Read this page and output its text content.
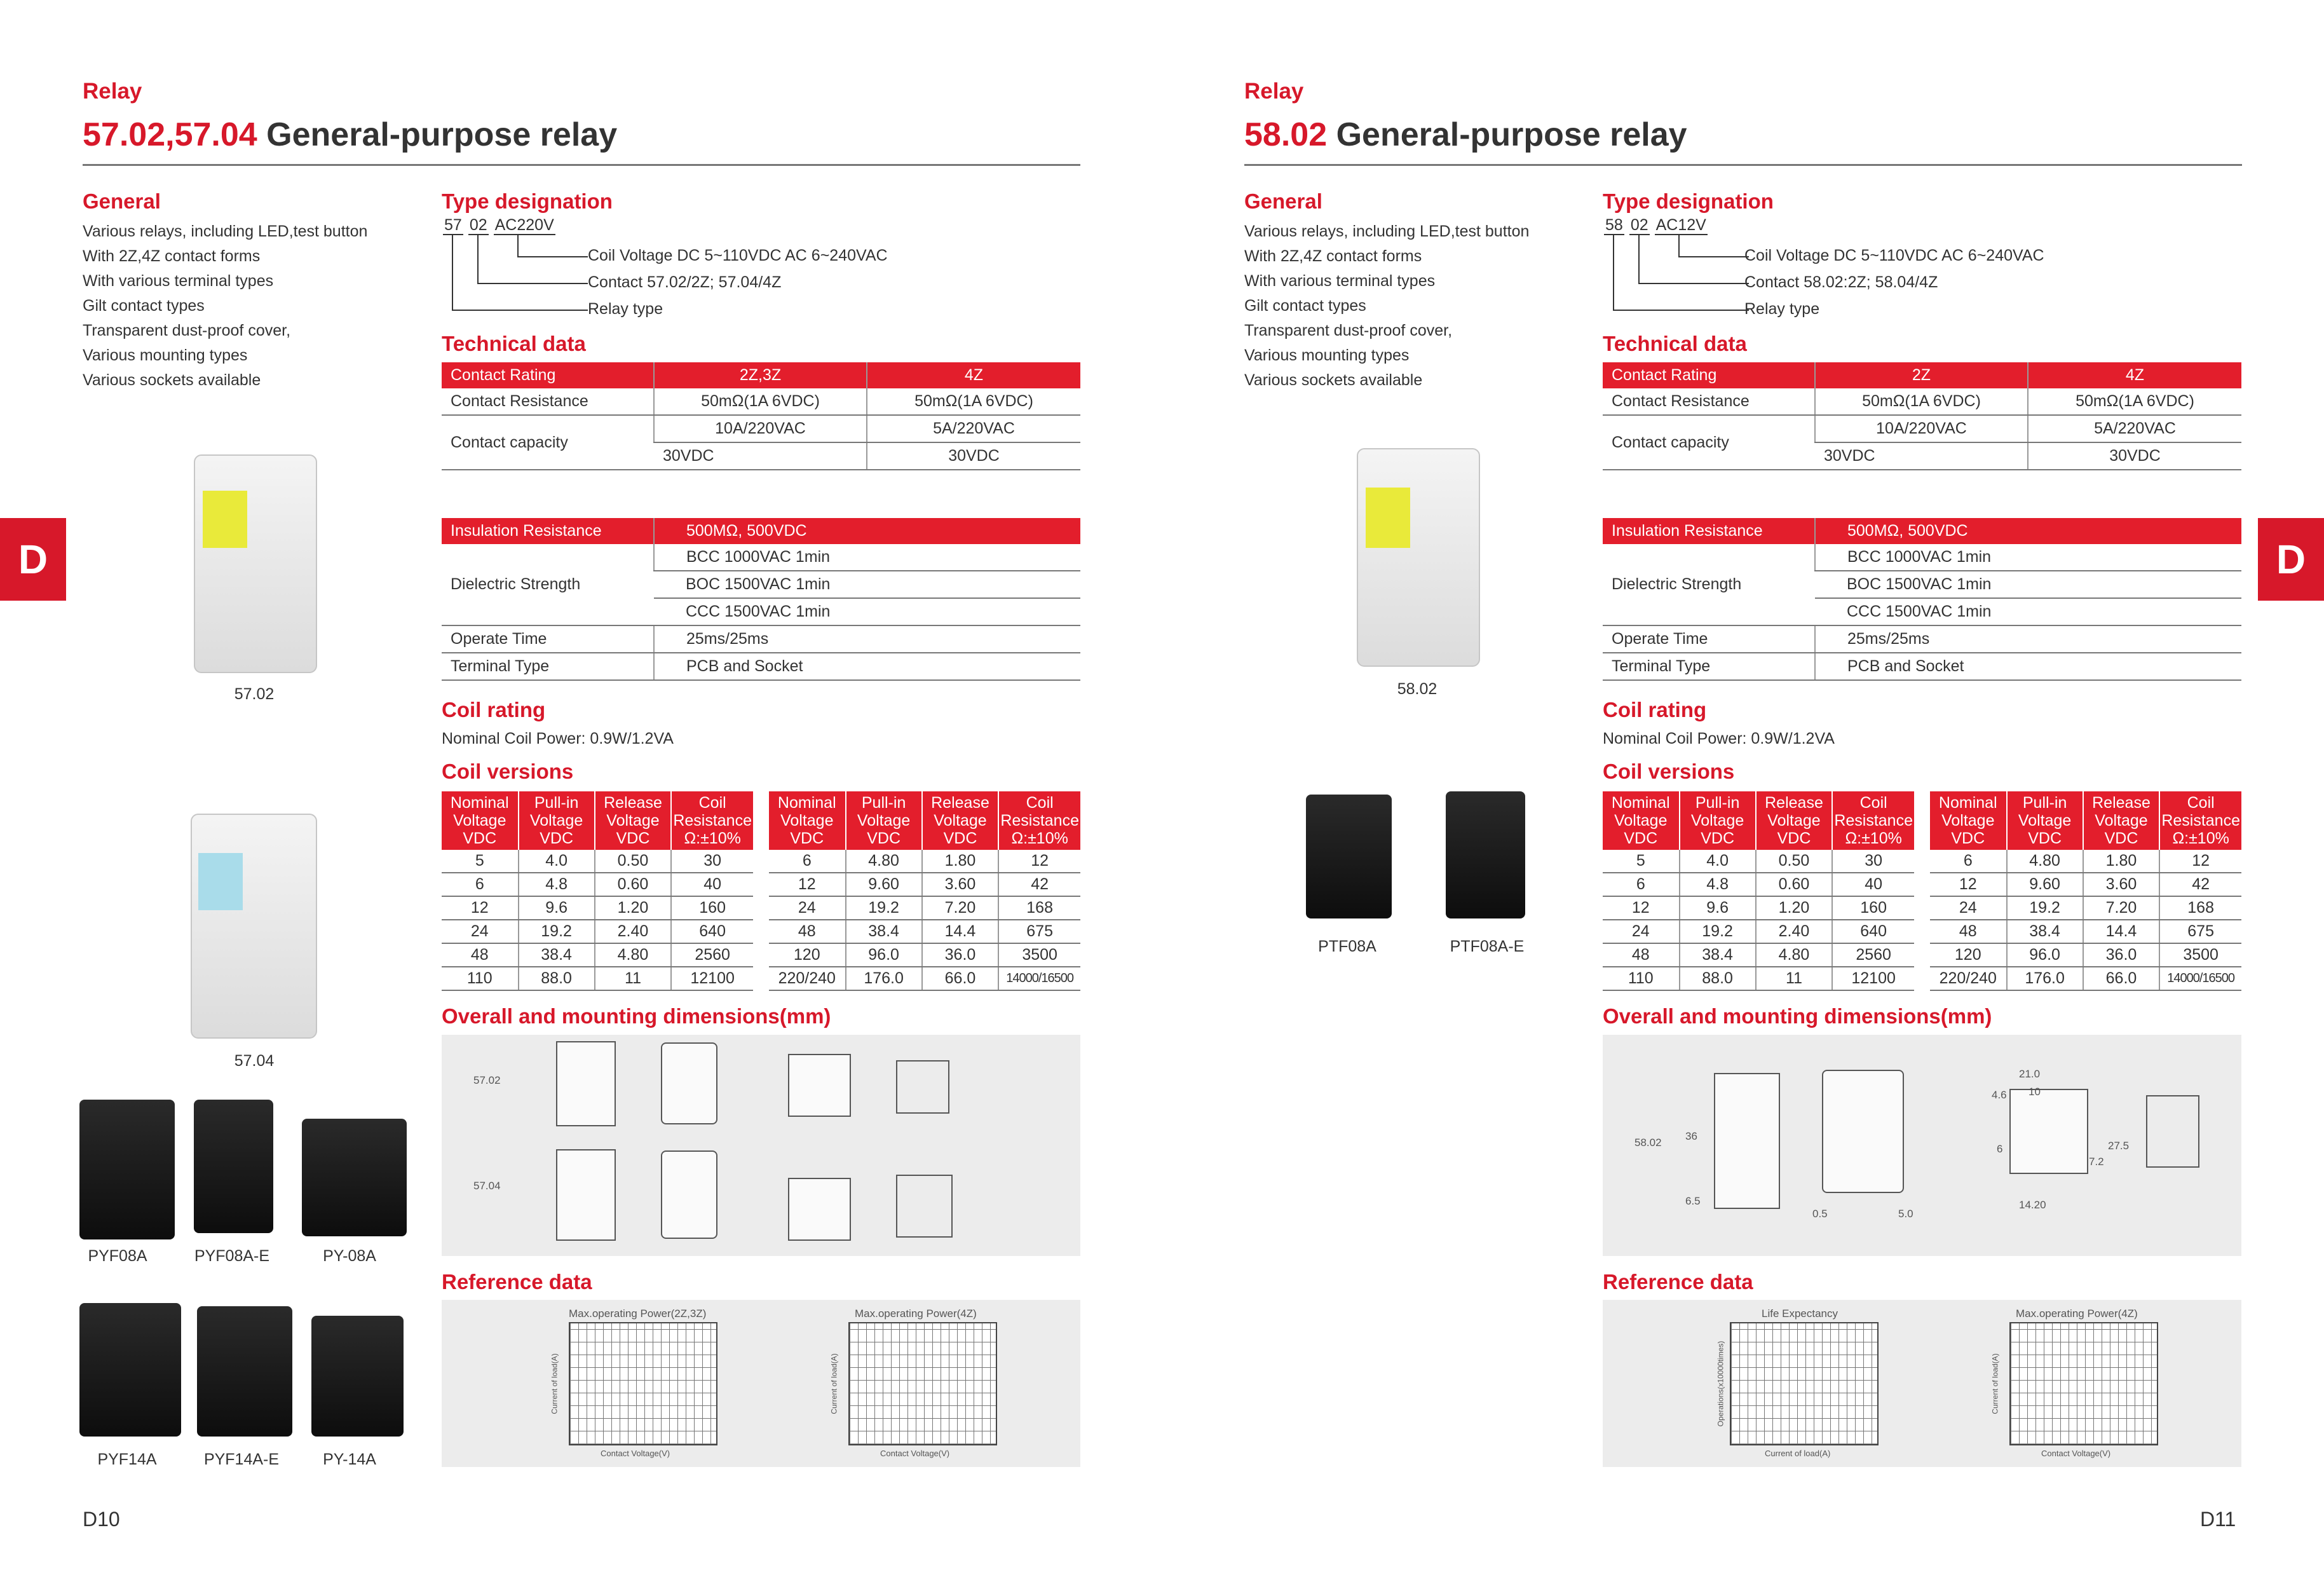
Relay
57.02,57.04 General-purpose relay
General
Various relays, including LED,test button
With 2Z,4Z contact forms
With various terminal types
Gilt contact types
Transparent dust-proof cover,
Various mounting types
Various sockets available
57.02
57.04
PYF08A	PYF08A-E	PY-08A
PYF14A	PYF14A-E	PY-14A
Type designation
57 02 AC220V
Coil Voltage DC 5~110VDC AC 6~240VAC
Contact 57.02/2Z; 57.04/4Z
Relay type
Technical data
Contact Rating	2Z,3Z	4Z
Contact Resistance	50mΩ(1A 6VDC)	50mΩ(1A 6VDC)
Contact capacity	10A/220VAC	5A/220VAC
	30VDC	30VDC
Insulation Resistance	500MΩ, 500VDC
Dielectric Strength	BCC 1000VAC 1min
	BOC 1500VAC 1min
	CCC 1500VAC 1min
Operate Time	25ms/25ms
Terminal Type	PCB and Socket
Coil rating
Nominal Coil Power: 0.9W/1.2VA
Coil versions
Nominal
Voltage
VDC	Pull-in
Voltage
VDC	Release
Voltage
VDC	Coil
Resistance
Ω:±10%
5	4.0	0.50	30
6	4.8	0.60	40
12	9.6	1.20	160
24	19.2	2.40	640
48	38.4	4.80	2560
110	88.0	11	12100
Nominal
Voltage
VDC	Pull-in
Voltage
VDC	Release
Voltage
VDC	Coil
Resistance
Ω:±10%
6	4.80	1.80	12
12	9.60	3.60	42
24	19.2	7.20	168
48	38.4	14.4	675
120	96.0	36.0	3500
220/240	176.0	66.0	14000/16500
Overall and mounting dimensions(mm)
57.02
57.04
Reference data
Max.operating Power(2Z,3Z)
Current of load(A)
Contact Voltage(V)
Max.operating Power(4Z)
Current of load(A)
Contact Voltage(V)
D
D10
Relay
58.02 General-purpose relay
General
Various relays, including LED,test button
With 2Z,4Z contact forms
With various terminal types
Gilt contact types
Transparent dust-proof cover,
Various mounting types
Various sockets available
58.02
PTF08A	PTF08A-E
Type designation
58 02 AC12V
Coil Voltage DC 5~110VDC AC 6~240VAC
Contact 58.02:2Z; 58.04/4Z
Relay type
Technical data
Contact Rating	2Z	4Z
Contact Resistance	50mΩ(1A 6VDC)	50mΩ(1A 6VDC)
Contact capacity	10A/220VAC	5A/220VAC
	30VDC	30VDC
Insulation Resistance	500MΩ, 500VDC
Dielectric Strength	BCC 1000VAC 1min
	BOC 1500VAC 1min
	CCC 1500VAC 1min
Operate Time	25ms/25ms
Terminal Type	PCB and Socket
Coil rating
Nominal Coil Power: 0.9W/1.2VA
Coil versions
Nominal
Voltage
VDC	Pull-in
Voltage
VDC	Release
Voltage
VDC	Coil
Resistance
Ω:±10%
5	4.0	0.50	30
6	4.8	0.60	40
12	9.6	1.20	160
24	19.2	2.40	640
48	38.4	4.80	2560
110	88.0	11	12100
Nominal
Voltage
VDC	Pull-in
Voltage
VDC	Release
Voltage
VDC	Coil
Resistance
Ω:±10%
6	4.80	1.80	12
12	9.60	3.60	42
24	19.2	7.20	168
48	38.4	14.4	675
120	96.0	36.0	3500
220/240	176.0	66.0	14000/16500
Overall and mounting dimensions(mm)
58.02
36
6.5
0.5	5.0
21.0
10
4.6
6
7.2
27.5
14.20
Reference data
Life Expectancy
Operations(x10000times)
Current of load(A)
Max.operating Power(4Z)
Current of load(A)
Contact Voltage(V)
D
D11
